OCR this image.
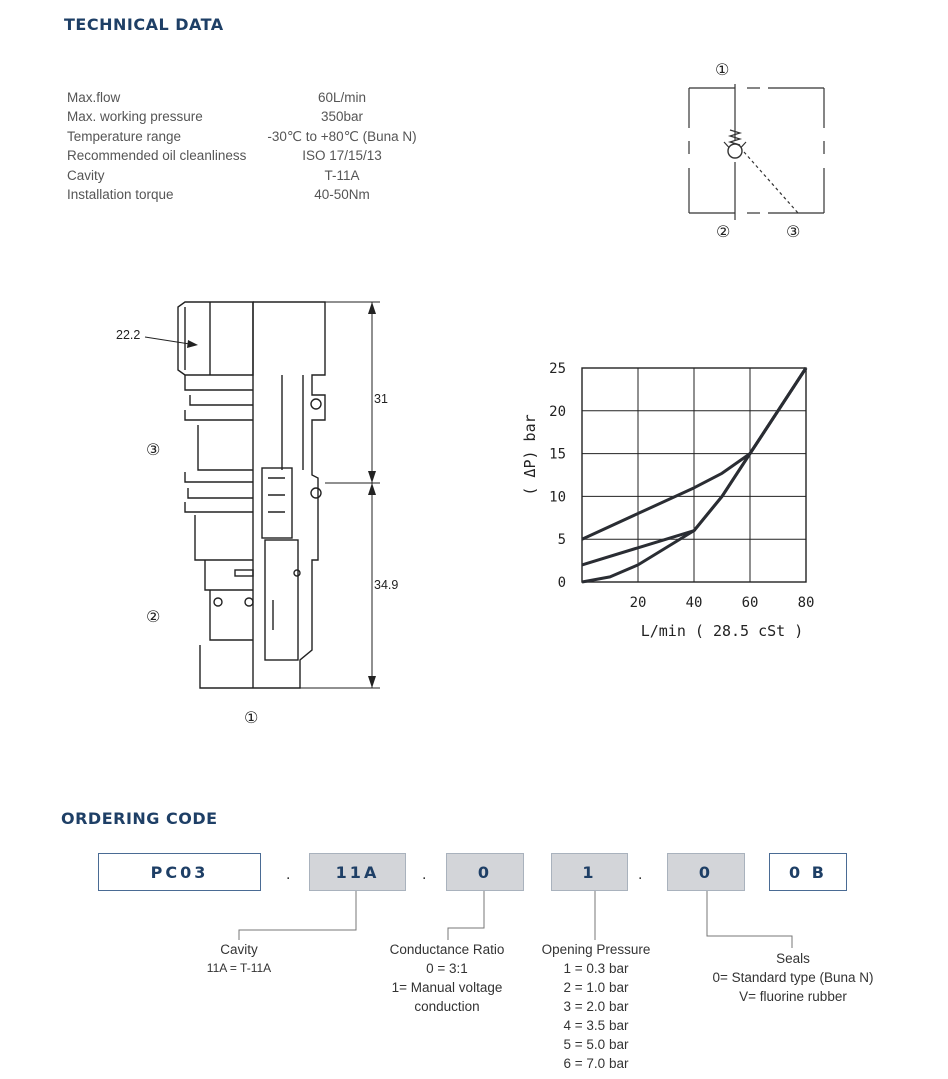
TECHNICAL DATA
Max.flow	60L/min
Max. working pressure	350bar
Temperature range	-30℃ to +80℃ (Buna N)
Recommended oil cleanliness	ISO 17/15/13
Cavity	T-11A
Installation torque	40-50Nm
①
②	③
22.2
31
34.9
③
②
①
20	40	60	80
0
5
10
15
20
25
L/min ( 28.5 cSt )
( ΔP) bar
ORDERING CODE
PC03	.	11A	.	0	1	.	0	0 B
Cavity
11A = T-11A
Conductance Ratio
0 = 3:1
1= Manual voltage
conduction
Opening Pressure
1 = 0.3 bar
2 = 1.0 bar
3 = 2.0 bar
4 = 3.5 bar
5 = 5.0 bar
6 = 7.0 bar
Seals
0= Standard type (Buna N)
V= fluorine rubber
